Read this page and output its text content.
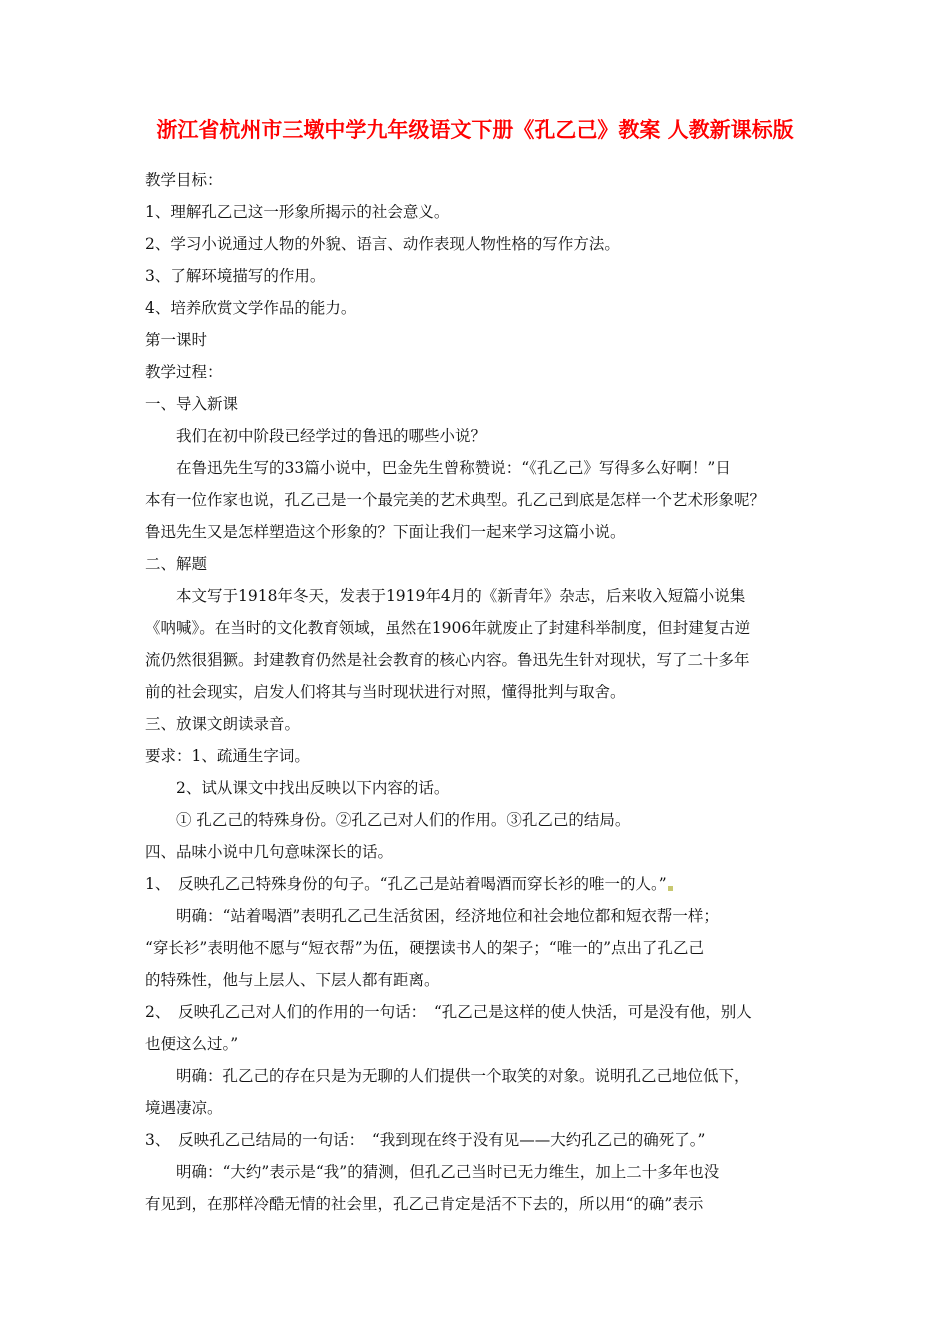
浙江省杭州市三墩中学九年级语文下册《孔乙己》教案 人教新课标版

教学目标：

1、理解孔乙己这一形象所揭示的社会意义。

2、学习小说通过人物的外貌、语言、动作表现人物性格的写作方法。

3、了解环境描写的作用。

4、培养欣赏文学作品的能力。

第一课时

教学过程：

一、导入新课

我们在初中阶段已经学过的鲁迅的哪些小说？

在鲁迅先生写的33篇小说中，巴金先生曾称赞说：“《孔乙己》写得多么好啊！”日

本有一位作家也说，孔乙己是一个最完美的艺术典型。孔乙己到底是怎样一个艺术形象呢？

鲁迅先生又是怎样塑造这个形象的？下面让我们一起来学习这篇小说。

二、解题

本文写于1918年冬天，发表于1919年4月的《新青年》杂志，后来收入短篇小说集

《呐喊》。在当时的文化教育领域，虽然在1906年就废止了封建科举制度，但封建复古逆

流仍然很猖獗。封建教育仍然是社会教育的核心内容。鲁迅先生针对现状，写了二十多年

前的社会现实，启发人们将其与当时现状进行对照，懂得批判与取舍。

三、放课文朗读录音。

要求：1、疏通生字词。

2、试从课文中找出反映以下内容的话。

① 孔乙己的特殊身份。②孔乙己对人们的作用。③孔乙己的结局。

四、品味小说中几句意味深长的话。

1、　反映孔乙己特殊身份的句子。“孔乙己是站着喝酒而穿长衫的唯一的人。”

明确：“站着喝酒”表明孔乙己生活贫困，经济地位和社会地位都和短衣帮一样；

“穿长衫”表明他不愿与“短衣帮”为伍，硬摆读书人的架子；“唯一的”点出了孔乙己

的特殊性，他与上层人、下层人都有距离。

2、　反映孔乙己对人们的作用的一句话：　“孔乙己是这样的使人快活，可是没有他，别人

也便这么过。”

明确：孔乙己的存在只是为无聊的人们提供一个取笑的对象。说明孔乙己地位低下，

境遇凄凉。

3、　反映孔乙己结局的一句话：　“我到现在终于没有见——大约孔乙己的确死了。”

明确：“大约”表示是“我”的猜测，但孔乙己当时已无力维生，加上二十多年也没

有见到，在那样冷酷无情的社会里，孔乙己肯定是活不下去的，所以用“的确”表示
